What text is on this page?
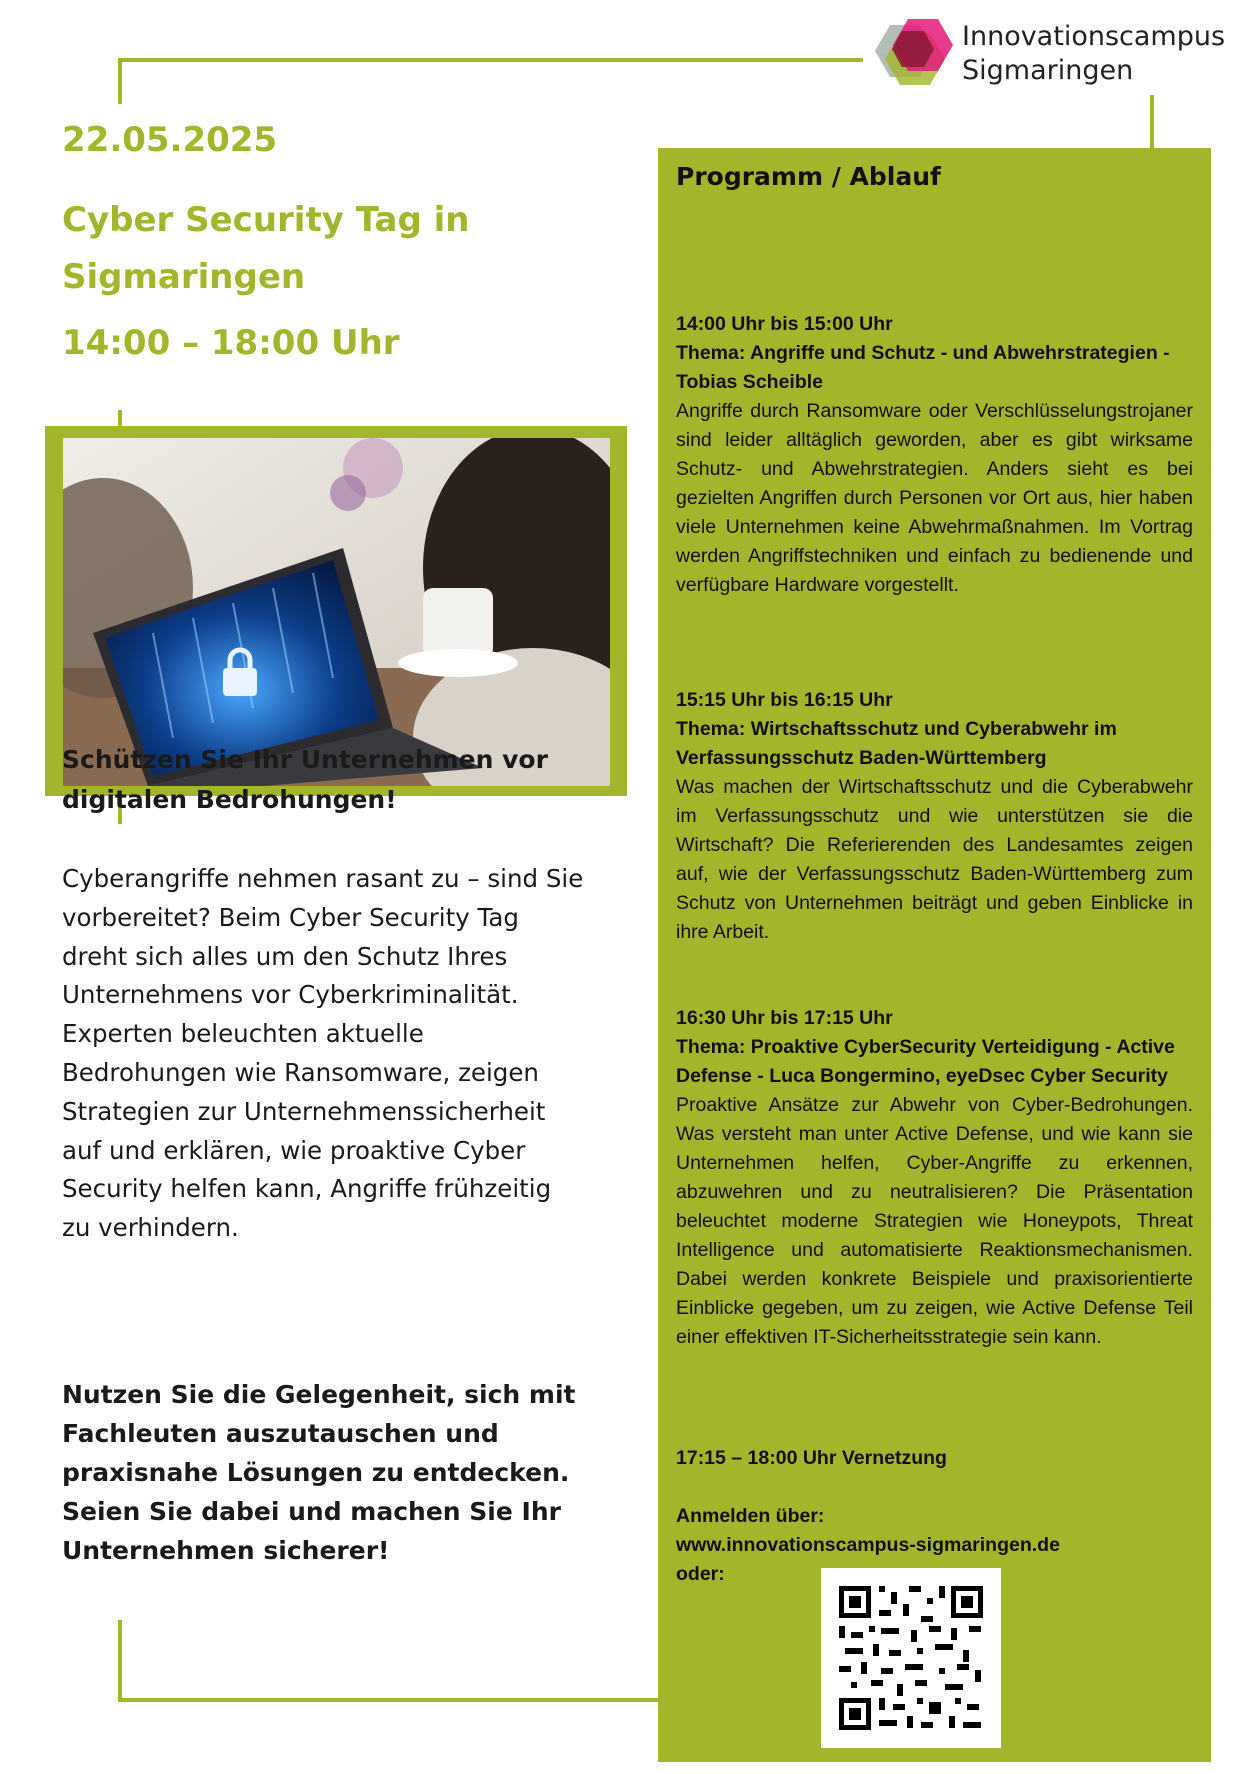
Innovationscampus
Sigmaringen
22.05.2025
Cyber Security Tag in
Sigmaringen
14:00 – 18:00 Uhr
Schützen Sie Ihr Unternehmen vor
digitalen Bedrohungen!
Cyberangriffe nehmen rasant zu – sind Sie
vorbereitet? Beim Cyber Security Tag
dreht sich alles um den Schutz Ihres
Unternehmens vor Cyberkriminalität.
Experten beleuchten aktuelle
Bedrohungen wie Ransomware, zeigen
Strategien zur Unternehmenssicherheit
auf und erklären, wie proaktive Cyber
Security helfen kann, Angriffe frühzeitig
zu verhindern.
Nutzen Sie die Gelegenheit, sich mit
Fachleuten auszutauschen und
praxisnahe Lösungen zu entdecken.
Seien Sie dabei und machen Sie Ihr
Unternehmen sicherer!
Programm / Ablauf
14:00 Uhr bis 15:00 Uhr
Thema: Angriffe und Schutz - und Abwehrstrategien - Tobias Scheible
Angriffe durch Ransomware oder Verschlüsselungstrojaner sind leider alltäglich geworden, aber es gibt wirksame Schutz- und Abwehrstrategien. Anders sieht es bei gezielten Angriffen durch Personen vor Ort aus, hier haben viele Unternehmen keine Abwehrmaßnahmen. Im Vortrag werden Angriffstechniken und einfach zu bedienende und verfügbare Hardware vorgestellt.
15:15 Uhr bis 16:15 Uhr
Thema: Wirtschaftsschutz und Cyberabwehr im Verfassungsschutz Baden-Württemberg
Was machen der Wirtschaftsschutz und die Cyberabwehr im Verfassungsschutz und wie unterstützen sie die Wirtschaft? Die Referierenden des Landesamtes zeigen auf, wie der Verfassungsschutz Baden-Württemberg zum Schutz von Unternehmen beiträgt und geben Einblicke in ihre Arbeit.
16:30 Uhr bis 17:15 Uhr
Thema: Proaktive CyberSecurity Verteidigung - Active Defense - Luca Bongermino, eyeDsec Cyber Security
Proaktive Ansätze zur Abwehr von Cyber-Bedrohungen. Was versteht man unter Active Defense, und wie kann sie Unternehmen helfen, Cyber-Angriffe zu erkennen, abzuwehren und zu neutralisieren? Die Präsentation beleuchtet moderne Strategien wie Honeypots, Threat Intelligence und automatisierte Reaktionsmechanismen. Dabei werden konkrete Beispiele und praxisorientierte Einblicke gegeben, um zu zeigen, wie Active Defense Teil einer effektiven IT-Sicherheitsstrategie sein kann.
17:15 – 18:00 Uhr Vernetzung
Anmelden über:
www.innovationscampus-sigmaringen.de
oder:
